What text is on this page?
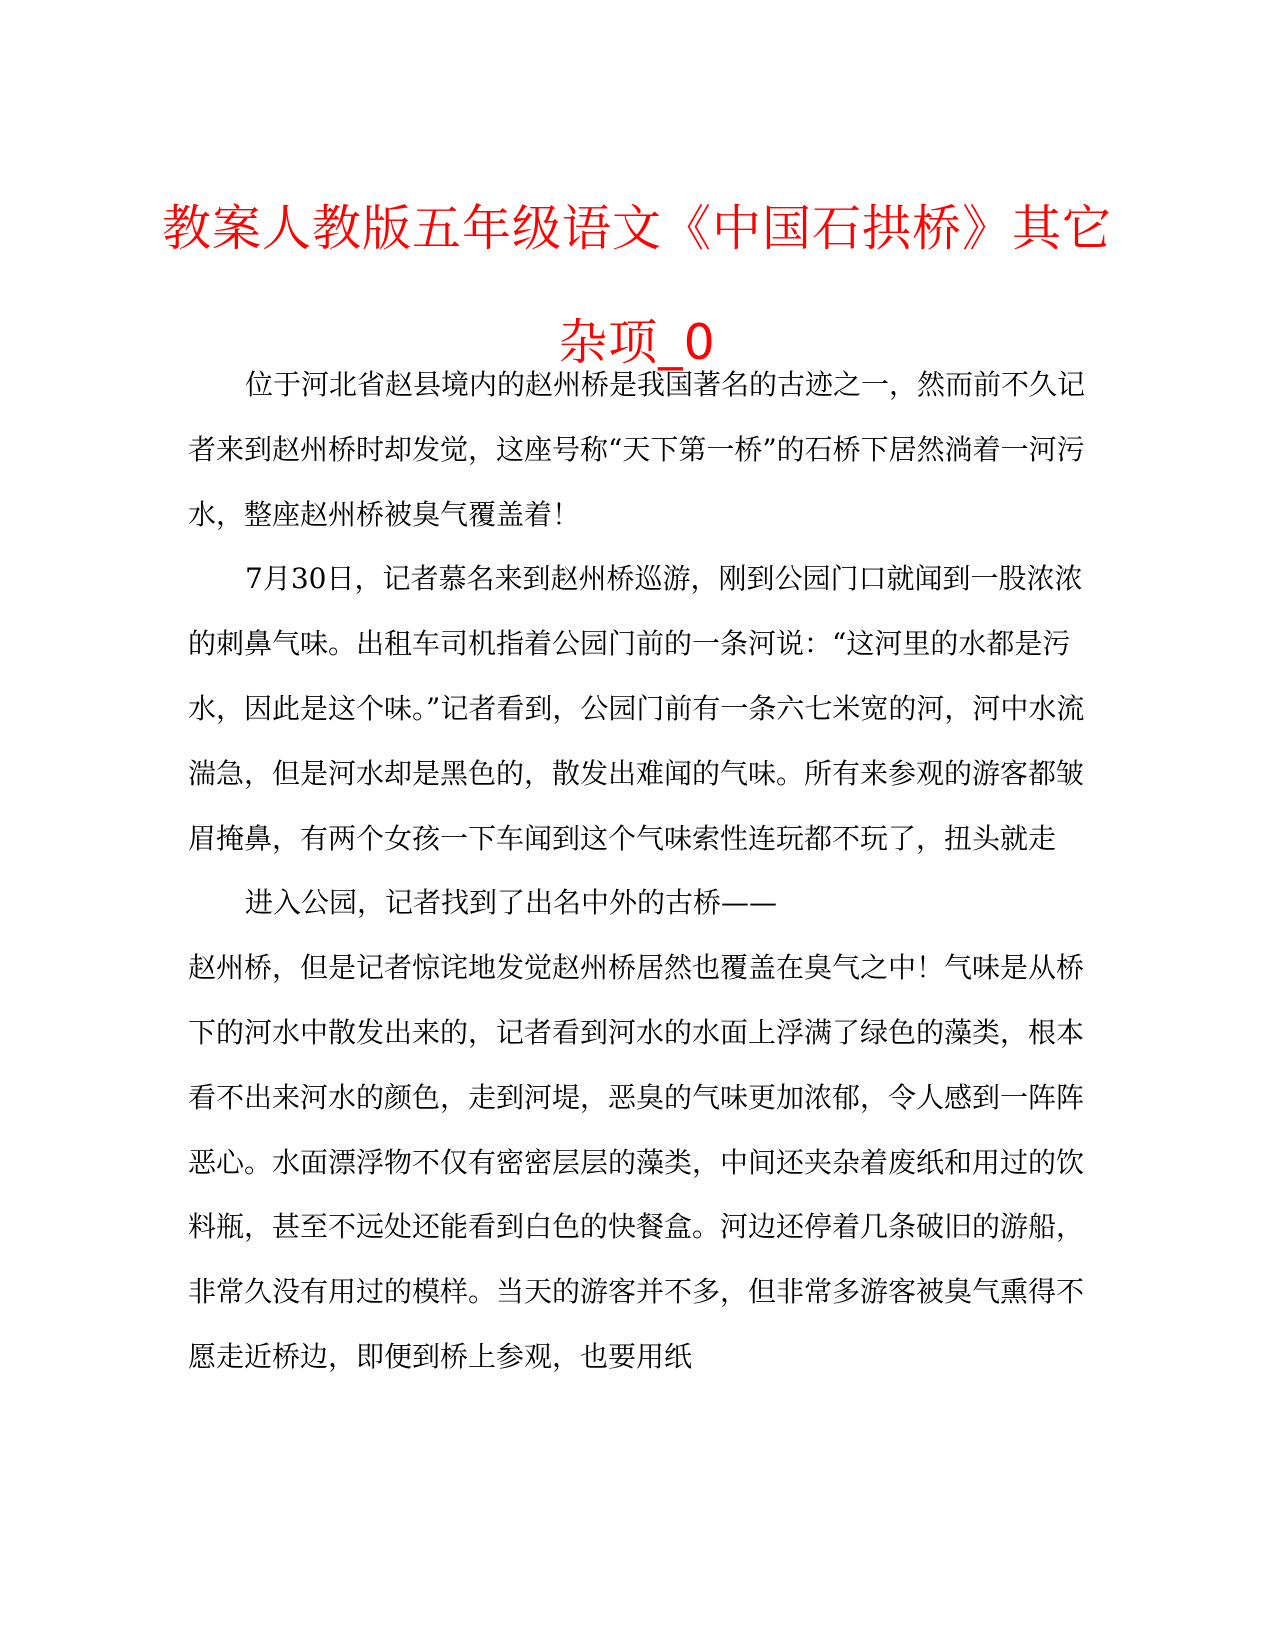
教案人教版五年级语文《中国石拱桥》其它杂项_0

位于河北省赵县境内的赵州桥是我国著名的古迹之一，然而前不久记者来到赵州桥时却发觉，这座号称“天下第一桥”的石桥下居然淌着一河污水，整座赵州桥被臭气覆盖着！

7月30日，记者慕名来到赵州桥巡游，刚到公园门口就闻到一股浓浓的刺鼻气味。出租车司机指着公园门前的一条河说：“这河里的水都是污水，因此是这个味。”记者看到，公园门前有一条六七米宽的河，河中水流湍急，但是河水却是黑色的，散发出难闻的气味。所有来参观的游客都皱眉掩鼻，有两个女孩一下车闻到这个气味索性连玩都不玩了，扭头就走

进入公园，记者找到了出名中外的古桥——
赵州桥，但是记者惊诧地发觉赵州桥居然也覆盖在臭气之中！气味是从桥下的河水中散发出来的，记者看到河水的水面上浮满了绿色的藻类，根本看不出来河水的颜色，走到河堤，恶臭的气味更加浓郁，令人感到一阵阵恶心。水面漂浮物不仅有密密层层的藻类，中间还夹杂着废纸和用过的饮料瓶，甚至不远处还能看到白色的快餐盒。河边还停着几条破旧的游船，非常久没有用过的模样。当天的游客并不多，但非常多游客被臭气熏得不愿走近桥边，即便到桥上参观，也要用纸
